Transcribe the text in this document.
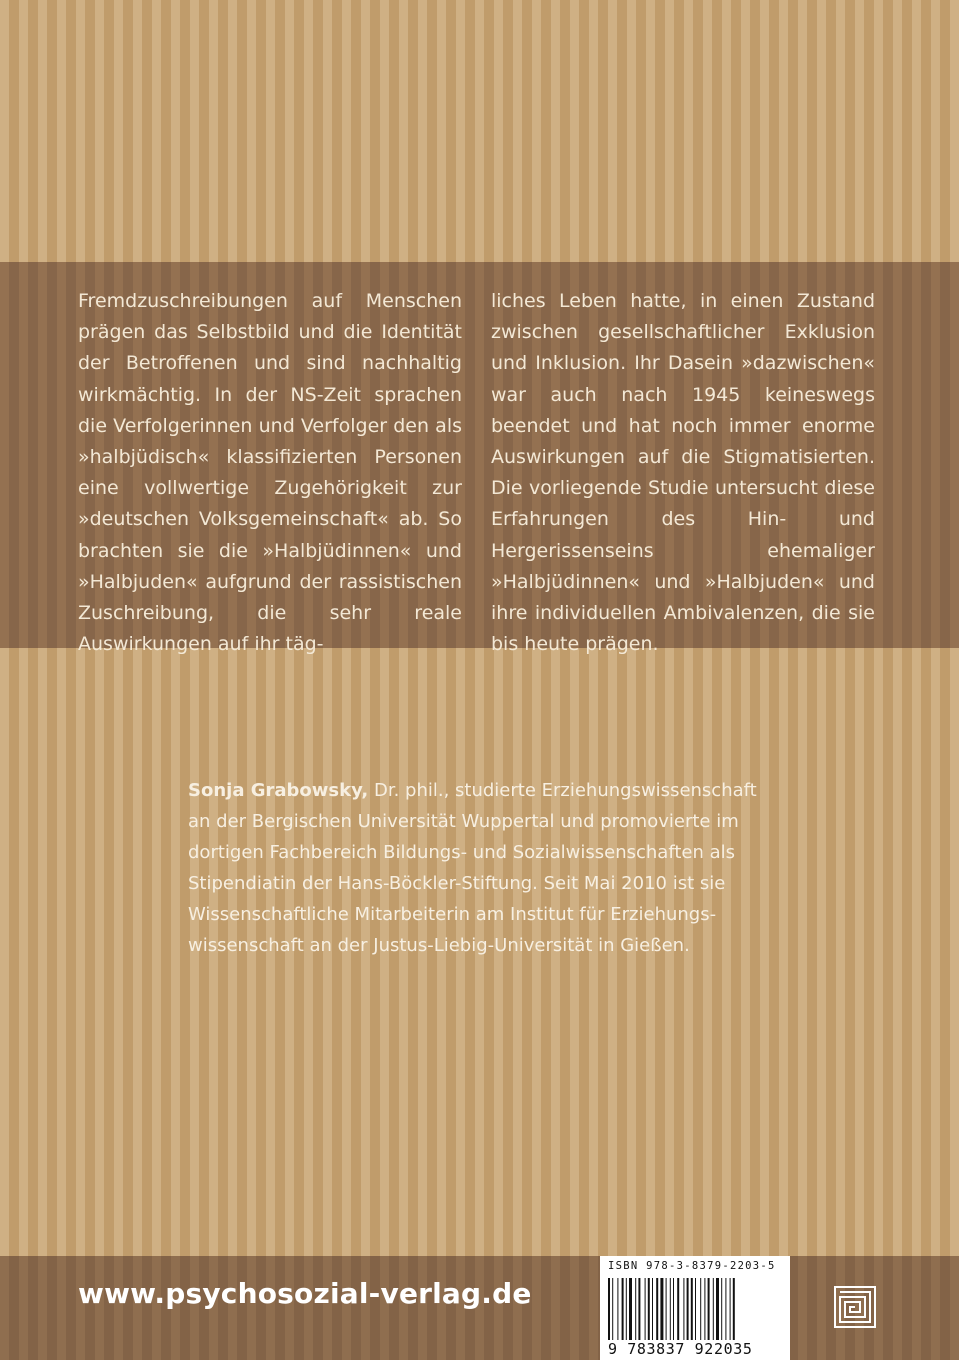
Fremdzuschreibungen auf Menschen prägen das Selbstbild und die Identität der Betroffenen und sind nachhaltig wirkmächtig. In der NS-Zeit sprachen die Verfolgerinnen und Verfolger den als »halbjüdisch« klassifizierten Personen eine vollwertige Zugehörigkeit zur »deutschen Volksgemeinschaft« ab. So brachten sie die »Halbjüdinnen« und »Halbjuden« aufgrund der rassistischen Zuschreibung, die sehr reale Auswirkungen auf ihr täg-

liches Leben hatte, in einen Zustand zwischen gesellschaftlicher Exklusion und Inklusion. Ihr Dasein »dazwischen« war auch nach 1945 keineswegs beendet und hat noch immer enorme Auswirkungen auf die Stigmatisierten. Die vorliegende Studie untersucht diese Erfahrungen des Hin- und Hergerissenseins ehemaliger »Halbjüdinnen« und »Halbjuden« und ihre individuellen Ambivalenzen, die sie bis heute prägen.

Sonja Grabowsky, Dr. phil., studierte Erziehungswissenschaft an der Bergischen Universität Wuppertal und promovierte im dortigen Fachbereich Bildungs- und Sozialwissenschaften als Stipendiatin der Hans-Böckler-Stiftung. Seit Mai 2010 ist sie Wissenschaftliche Mitarbeiterin am Institut für Erziehungswissenschaft an der Justus-Liebig-Universität in Gießen.

www.psychosozial-verlag.de
ISBN 978-3-8379-2203-5
9 783837 922035
